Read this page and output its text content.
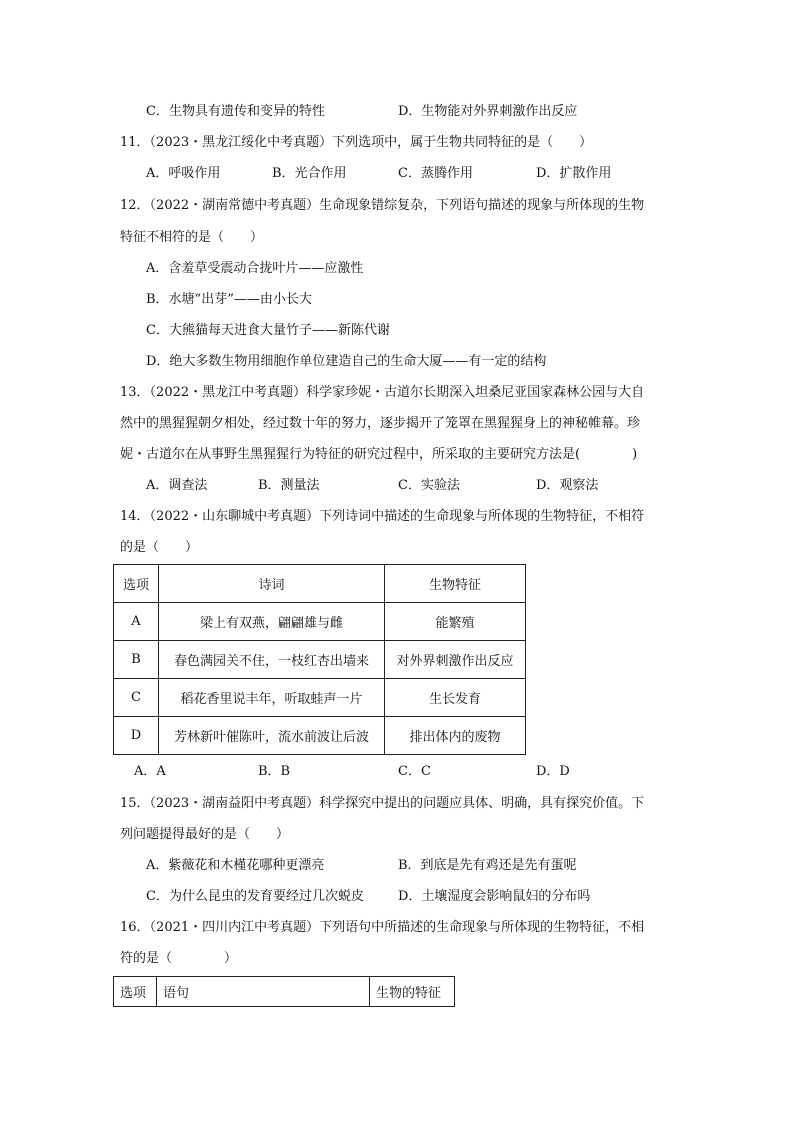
C．生物具有遗传和变异的特性	D．生物能对外界刺激作出反应
11．（2023・黑龙江绥化中考真题）下列选项中，属于生物共同特征的是（　　）
A．呼吸作用	B．光合作用	C．蒸腾作用	D．扩散作用
12．（2022・湖南常德中考真题）生命现象错综复杂，下列语句描述的现象与所体现的生物
特征不相符的是（　　）
A．含羞草受震动合拢叶片——应激性
B．水塘“出芽”——由小长大
C．大熊猫每天进食大量竹子——新陈代谢
D．绝大多数生物用细胞作单位建造自己的生命大厦——有一定的结构
13．（2022・黑龙江中考真题）科学家珍妮・古道尔长期深入坦桑尼亚国家森林公园与大自
然中的黑猩猩朝夕相处，经过数十年的努力，逐步揭开了笼罩在黑猩猩身上的神秘帷幕。珍
妮・古道尔在从事野生黑猩猩行为特征的研究过程中，所采取的主要研究方法是(　　　　)
A．调查法	B．测量法	C．实验法	D．观察法
14．（2022・山东聊城中考真题）下列诗词中描述的生命现象与所体现的生物特征，不相符
的是（　　）
选项	诗词	生物特征
A	梁上有双燕，翩翩雄与雌	能繁殖
B	春色满园关不住，一枝红杏出墙来	对外界刺激作出反应
C	稻花香里说丰年，听取蛙声一片	生长发育
D	芳林新叶催陈叶，流水前波让后波	排出体内的废物
A．A	B．B	C．C	D．D
15．（2023・湖南益阳中考真题）科学探究中提出的问题应具体、明确，具有探究价值。下
列问题提得最好的是（　　）
A．紫薇花和木槿花哪种更漂亮	B．到底是先有鸡还是先有蛋呢
C．为什么昆虫的发育要经过几次蜕皮	D．土壤湿度会影响鼠妇的分布吗
16．（2021・四川内江中考真题）下列语句中所描述的生命现象与所体现的生物特征，不相
符的是（　　　　）
选项	语句	生物的特征
